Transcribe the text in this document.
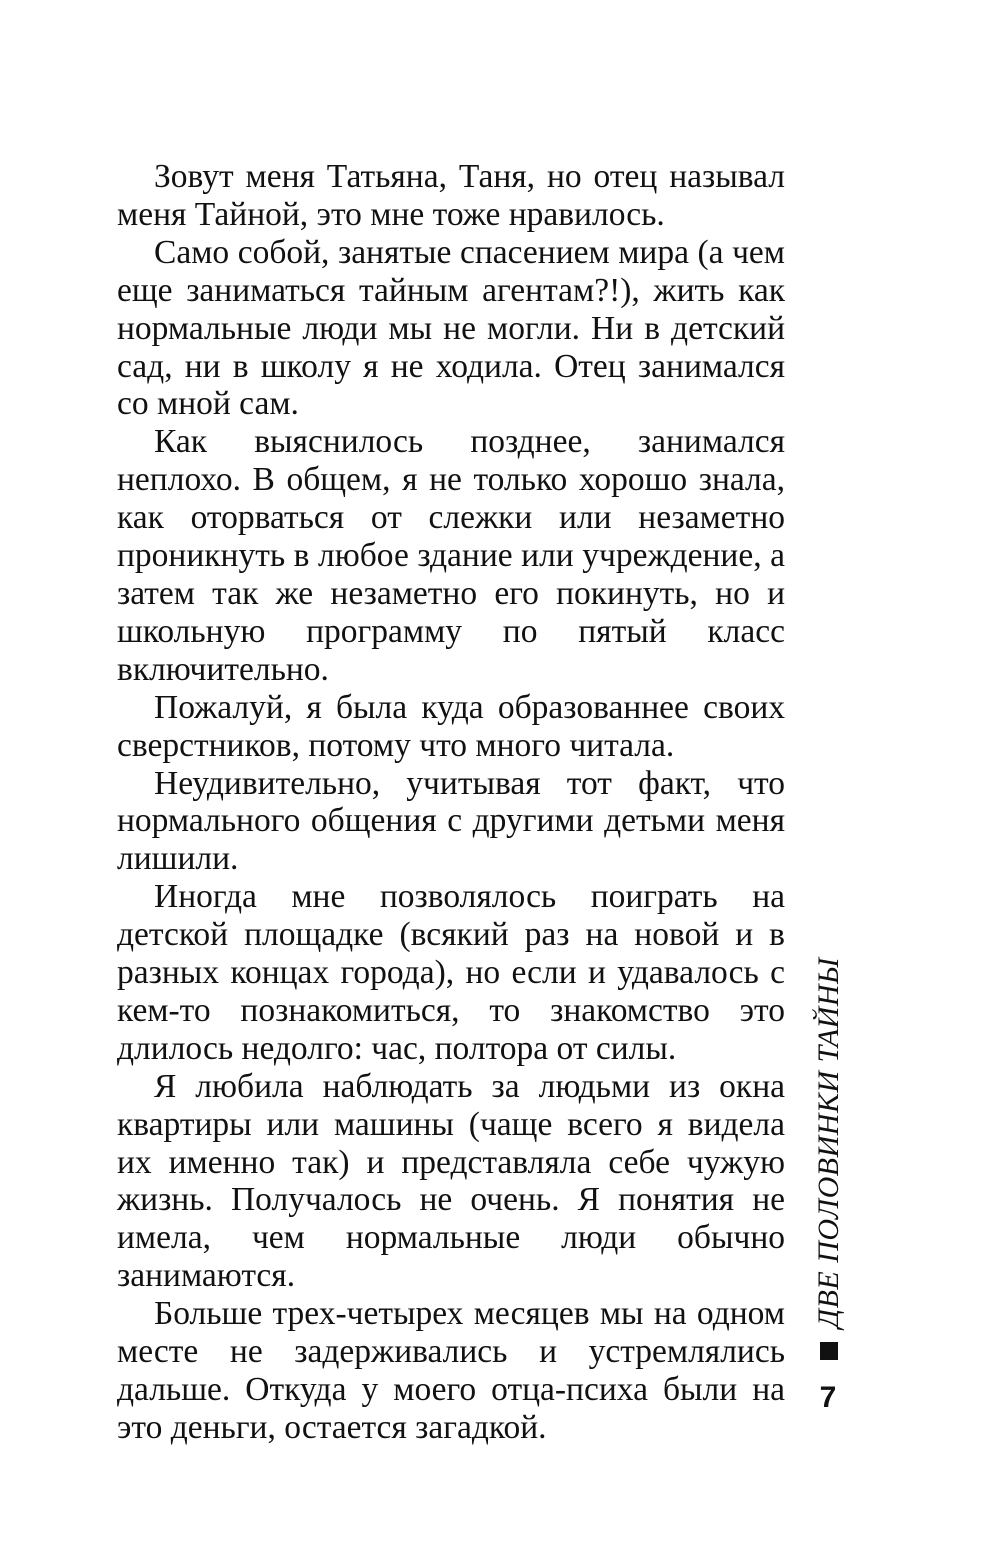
Зовут меня Татьяна, Таня, но отец называл меня Тайной, это мне тоже нравилось.

Само собой, занятые спасением мира (а чем еще заниматься тайным агентам?!), жить как нормальные люди мы не могли. Ни в детский сад, ни в школу я не ходила. Отец занимался со мной сам.

Как выяснилось позднее, занимался неплохо. В общем, я не только хорошо знала, как оторваться от слежки или незаметно проникнуть в любое здание или учреждение, а затем так же незаметно его покинуть, но и школьную программу по пятый класс включительно.

Пожалуй, я была куда образованнее своих сверстников, потому что много читала.

Неудивительно, учитывая тот факт, что нормального общения с другими детьми меня лишили.

Иногда мне позволялось поиграть на детской площадке (всякий раз на новой и в разных концах города), но если и удавалось с кем-то познакомиться, то знакомство это длилось недолго: час, полтора от силы.

Я любила наблюдать за людьми из окна квартиры или машины (чаще всего я видела их именно так) и представляла себе чужую жизнь. Получалось не очень. Я понятия не имела, чем нормальные люди обычно занимаются.

Больше трех-четырех месяцев мы на одном месте не задерживались и устремлялись дальше. Откуда у моего отца-психа были на это деньги, остается загадкой.

ДВЕ ПОЛОВИНКИ ТАЙНЫ
7
